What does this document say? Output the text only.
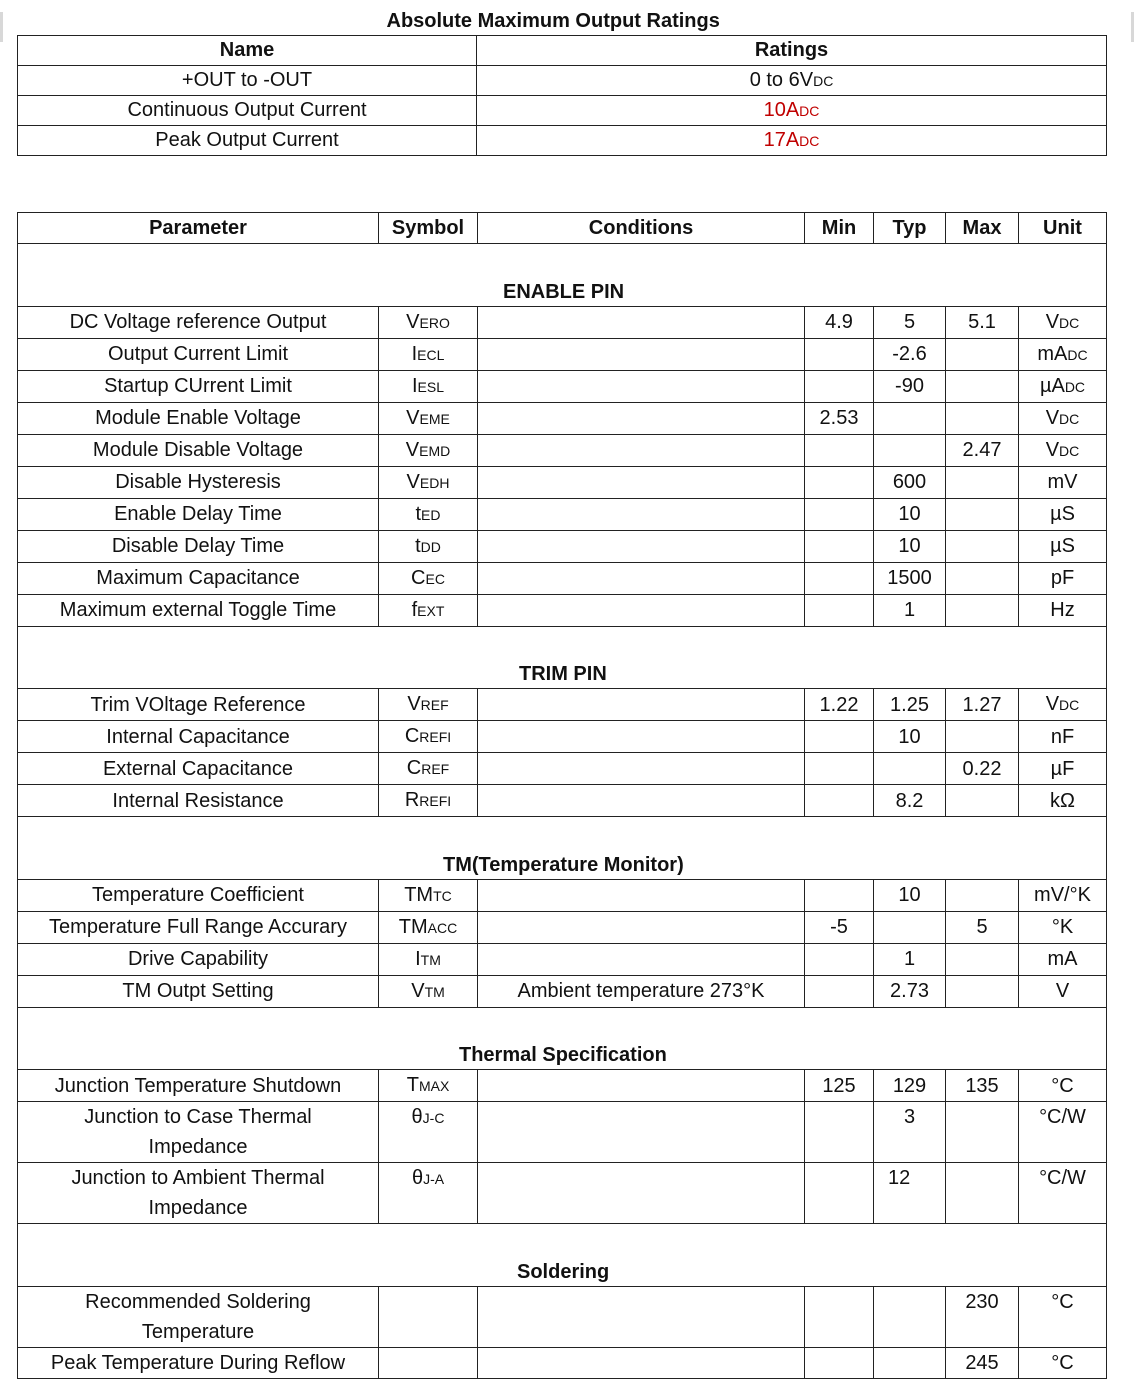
Absolute Maximum Output Ratings	
Name	Ratings
+OUT to -OUT	0 to 6VDC
Continuous Output Current	10ADC
Peak Output Current	17ADC
Parameter	Symbol	Conditions	Min	Typ	Max	Unit

ENABLE PIN						

DC Voltage reference Output	VERO		4.9	5	5.1	VDC
Output Current Limit	IECL			-2.6		mADC
Startup CUrrent Limit	IESL			-90		µADC
Module Enable Voltage	VEME		2.53			VDC
Module Disable Voltage	VEMD				2.47	VDC
Disable Hysteresis	VEDH			600		mV
Enable Delay Time	tED			10		µS
Disable Delay Time	tDD			10		µS
Maximum Capacitance	CEC			1500		pF
Maximum external Toggle Time	fEXT			1		Hz

TRIM PIN						

Trim VOltage Reference	VREF		1.22	1.25	1.27	VDC
Internal Capacitance	CREFI			10		nF
External Capacitance	CREF				0.22	µF
Internal Resistance	RREFI			8.2		kΩ

TM(Temperature Monitor)						

Temperature Coefficient	TMTC			10		mV/°K
Temperature Full Range Accurary	TMACC		-5		5	°K
Drive Capability	ITM			1		mA
TM Outpt Setting	VTM	Ambient temperature 273°K		2.73		V

Thermal Specification						

Junction Temperature Shutdown	TMAX		125	129	135	°C
Junction to Case Thermal Impedance	θJ-C			3		°C/W
Junction to Ambient Thermal Impedance	θJ-A			12		°C/W

Soldering						

Recommended Soldering Temperature					230	°C
Peak Temperature During Reflow					245	°C
